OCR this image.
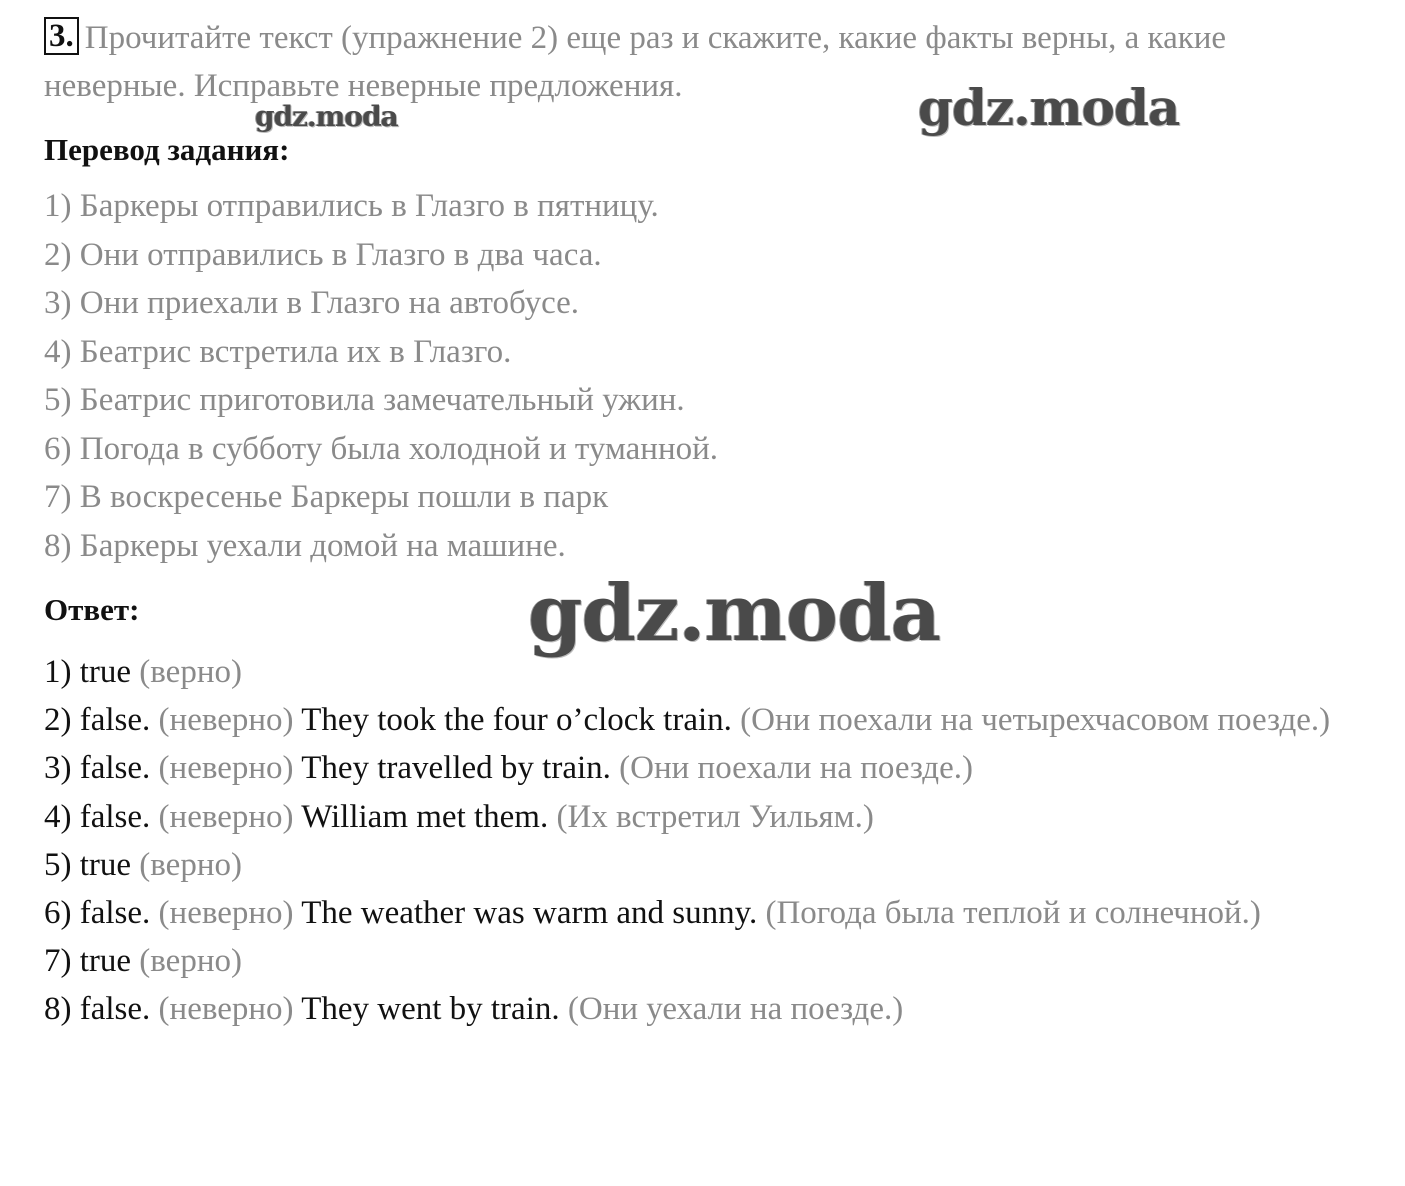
3. Прочитайте текст (упражнение 2) еще раз и скажите, какие факты верны, а какие неверные. Исправьте неверные предложения.

Перевод задания:
1) Баркеры отправились в Глазго в пятницу.
2) Они отправились в Глазго в два часа.
3) Они приехали в Глазго на автобусе.
4) Беатрис встретила их в Глазго.
5) Беатрис приготовила замечательный ужин.
6) Погода в субботу была холодной и туманной.
7) В воскресенье Баркеры пошли в парк
8) Баркеры уехали домой на машине.
Ответ:
1) true (верно)
2) false. (неверно) They took the four o’clock train. (Они поехали на четырехчасовом поезде.)
3) false. (неверно) They travelled by train. (Они поехали на поезде.)
4) false. (неверно) William met them. (Их встретил Уильям.)
5) true (верно)
6) false. (неверно) The weather was warm and sunny. (Погода была теплой и солнечной.)
7) true (верно)
8) false. (неверно) They went by train. (Они уехали на поезде.)
gdz.moda	gdz.moda
gdz.moda
